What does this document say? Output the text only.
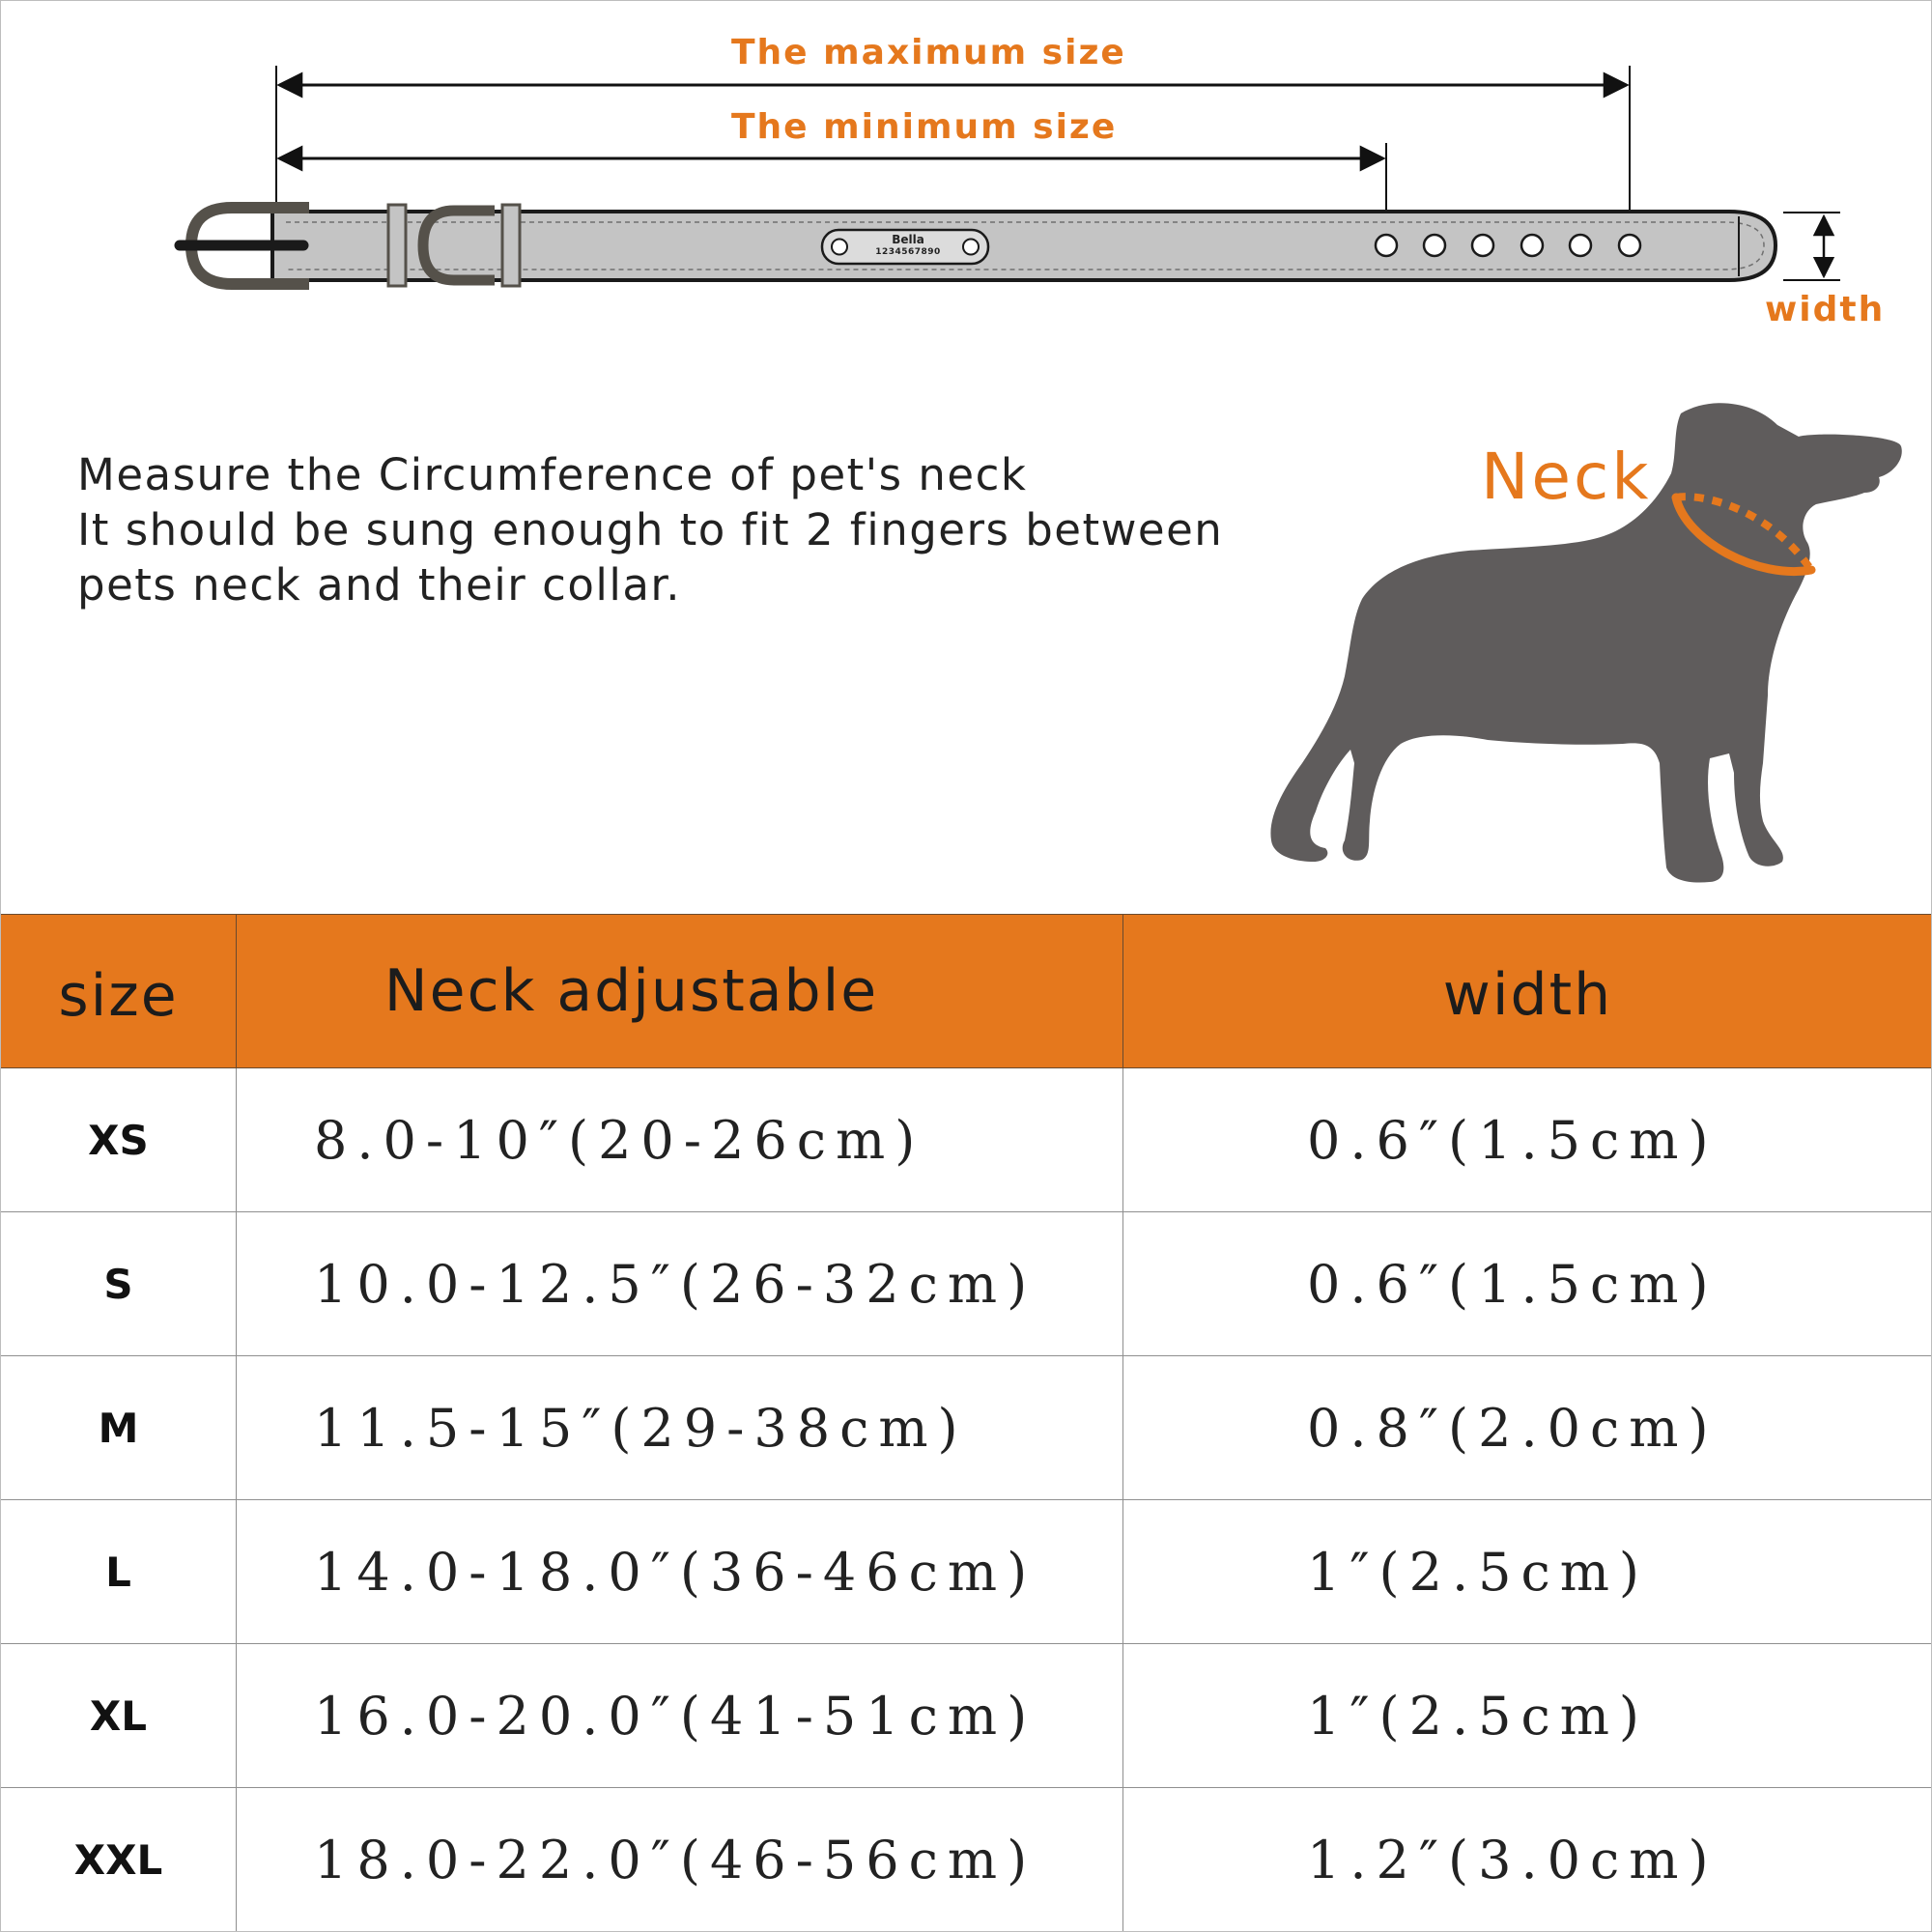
The maximum size
The minimum size
width
Bella
1234567890
Neck
Measure the Circumference of pet's neck
It should be sung enough to fit 2 fingers between
pets neck and their collar.
size	Neck adjustable	width
XS	8.0-10″(20-26cm)	0.6″(1.5cm)
S	10.0-12.5″(26-32cm)	0.6″(1.5cm)
M	11.5-15″(29-38cm)	0.8″(2.0cm)
L	14.0-18.0″(36-46cm)	1″(2.5cm)
XL	16.0-20.0″(41-51cm)	1″(2.5cm)
XXL	18.0-22.0″(46-56cm)	1.2″(3.0cm)
